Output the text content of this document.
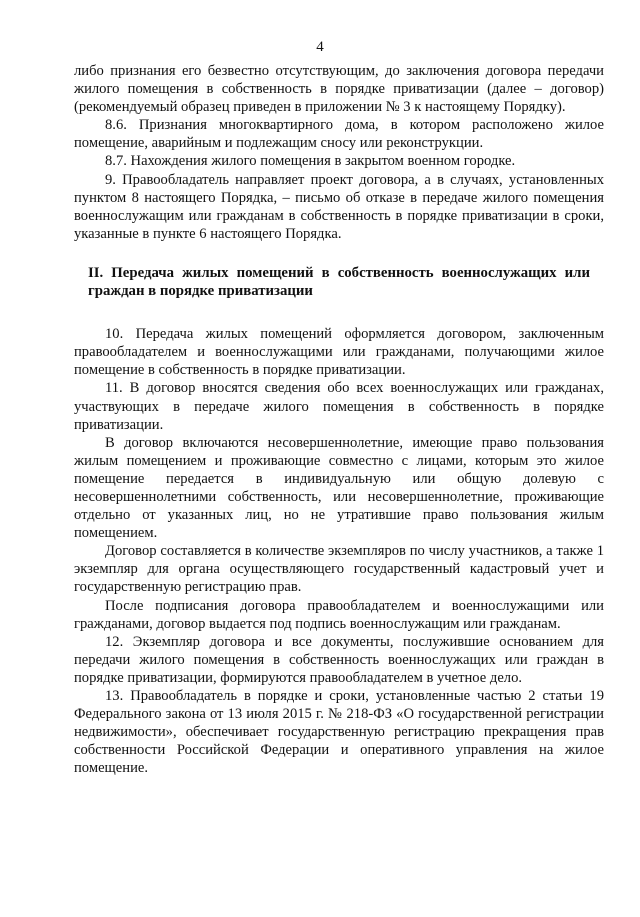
4

либо признания его безвестно отсутствующим, до заключения договора передачи жилого помещения в собственность в порядке приватизации (далее – договор) (рекомендуемый образец приведен в приложении № 3 к настоящему Порядку).

8.6. Признания многоквартирного дома, в котором расположено жилое помещение, аварийным и подлежащим сносу или реконструкции.

8.7. Нахождения жилого помещения в закрытом военном городке.

9. Правообладатель направляет проект договора, а в случаях, установленных пунктом 8 настоящего Порядка, – письмо об отказе в передаче жилого помещения военнослужащим или гражданам в собственность в порядке приватизации в сроки, указанные в пункте 6 настоящего Порядка.

II. Передача жилых помещений в собственность военнослужащих или граждан в порядке приватизации

10. Передача жилых помещений оформляется договором, заключенным правообладателем и военнослужащими или гражданами, получающими жилое помещение в собственность в порядке приватизации.

11. В договор вносятся сведения обо всех военнослужащих или гражданах, участвующих в передаче жилого помещения в собственность в порядке приватизации.

В договор включаются несовершеннолетние, имеющие право пользования жилым помещением и проживающие совместно с лицами, которым это жилое помещение передается в индивидуальную или общую долевую с несовершеннолетними собственность, или несовершеннолетние, проживающие отдельно от указанных лиц, но не утратившие право пользования жилым помещением.

Договор составляется в количестве экземпляров по числу участников, а также 1 экземпляр для органа осуществляющего государственный кадастровый учет и государственную регистрацию прав.

После подписания договора правообладателем и военнослужащими или гражданами, договор выдается под подпись военнослужащим или гражданам.

12. Экземпляр договора и все документы, послужившие основанием для передачи жилого помещения в собственность военнослужащих или граждан в порядке приватизации, формируются правообладателем в учетное дело.

13. Правообладатель в порядке и сроки, установленные частью 2 статьи 19 Федерального закона от 13 июля 2015 г. № 218-ФЗ «О государственной регистрации недвижимости», обеспечивает государственную регистрацию прекращения прав собственности Российской Федерации и оперативного управления на жилое помещение.
